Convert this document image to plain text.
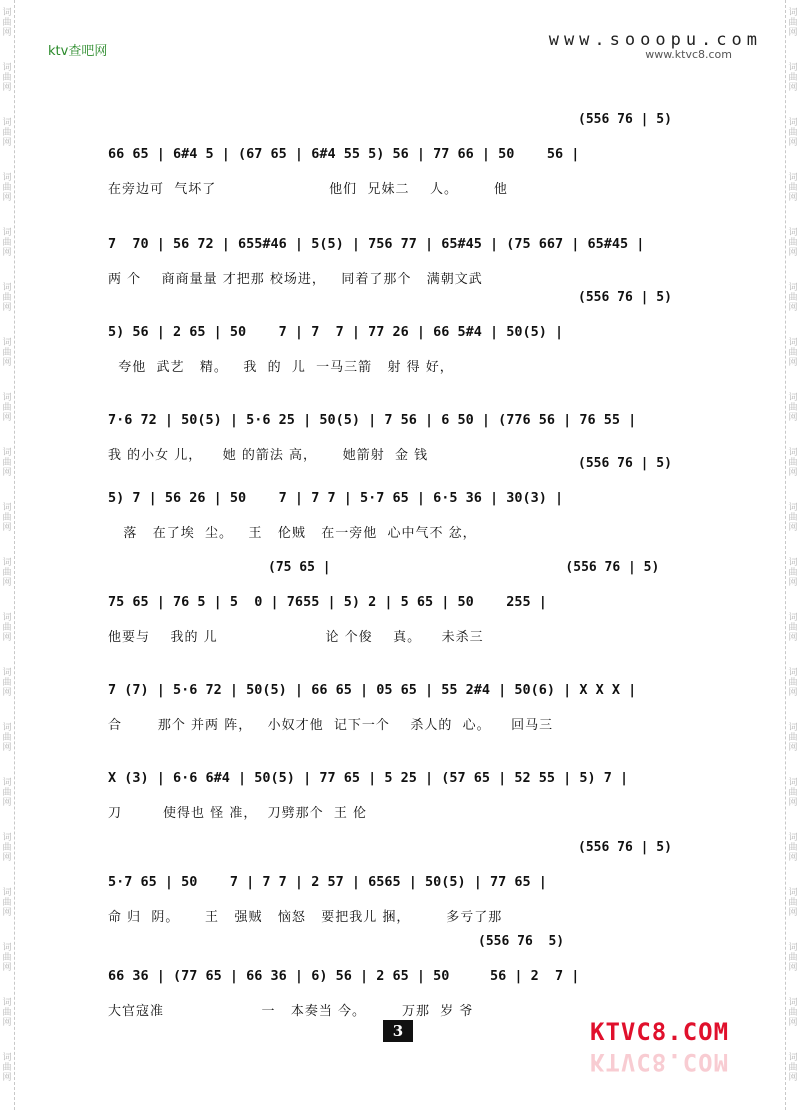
词曲网
词曲网
词曲网
词曲网
词曲网
词曲网
词曲网
词曲网
词曲网
词曲网
词曲网
词曲网
词曲网
词曲网
词曲网
词曲网
词曲网
词曲网
词曲网
词曲网
词曲网
词曲网
词曲网
词曲网
词曲网
词曲网
词曲网
词曲网
词曲网
词曲网
词曲网
词曲网
词曲网
词曲网
词曲网
词曲网
词曲网
词曲网
词曲网
词曲网
ktv查吧网
www.sooopu.com
www.ktvc8.com
(556 76 | 5)
66 65 | 6#4 5 | (67 65 | 6#4 55 5) 56 | 77 66 | 50    56 |
在旁边可  气坏了                      他们  兄妹二    人。       他
7  70 | 56 72 | 655#46 | 5(5) | 756 77 | 65#45 | (75 667 | 65#45 |
两 个    商商量量 才把那 校场进，   同着了那个   满朝文武
(556 76 | 5)
5) 56 | 2 65 | 50    7 | 7  7 | 77 26 | 66 5#4 | 50(5) |
夸他  武艺   精。   我  的  儿  一马三箭   射 得 好，
7·6 72 | 50(5) | 5·6 25 | 50(5) | 7 56 | 6 50 | (776 56 | 76 55 |
我 的小女 儿，    她 的箭法 高，     她箭射  金 钱
(556 76 | 5)
5) 7 | 56 26 | 50    7 | 7 7 | 5·7 65 | 6·5 36 | 30(3) |
落   在了埃  尘。   王   伦贼   在一旁他  心中气不 忿，
(75 65 |                              (556 76 | 5)
75 65 | 76 5 | 5  0 | 7655 | 5) 2 | 5 65 | 50    255 |
他要与    我的 儿                     论 个俊    真。    未杀三
7 (7) | 5·6 72 | 50(5) | 66 65 | 05 65 | 55 2#4 | 50(6) | X X X |
合       那个 并两 阵，   小奴才他  记下一个    杀人的  心。    回马三
X (3) | 6·6 6#4 | 50(5) | 77 65 | 5 25 | (57 65 | 52 55 | 5) 7 |
刀        使得也 怪 准，  刀劈那个  王 伦
(556 76 | 5)
5·7 65 | 50    7 | 7 7 | 2 57 | 6565 | 50(5) | 77 65 |
命 归  阴。     王   强贼   恼怒   要把我儿 捆，       多亏了那
(556 76  5)
66 36 | (77 65 | 66 36 | 6) 56 | 2 65 | 50     56 | 2  7 |
大官寇准                   一   本奏当 今。       万那  岁 爷
3	KTVC8.COM
KTVC8.COM
